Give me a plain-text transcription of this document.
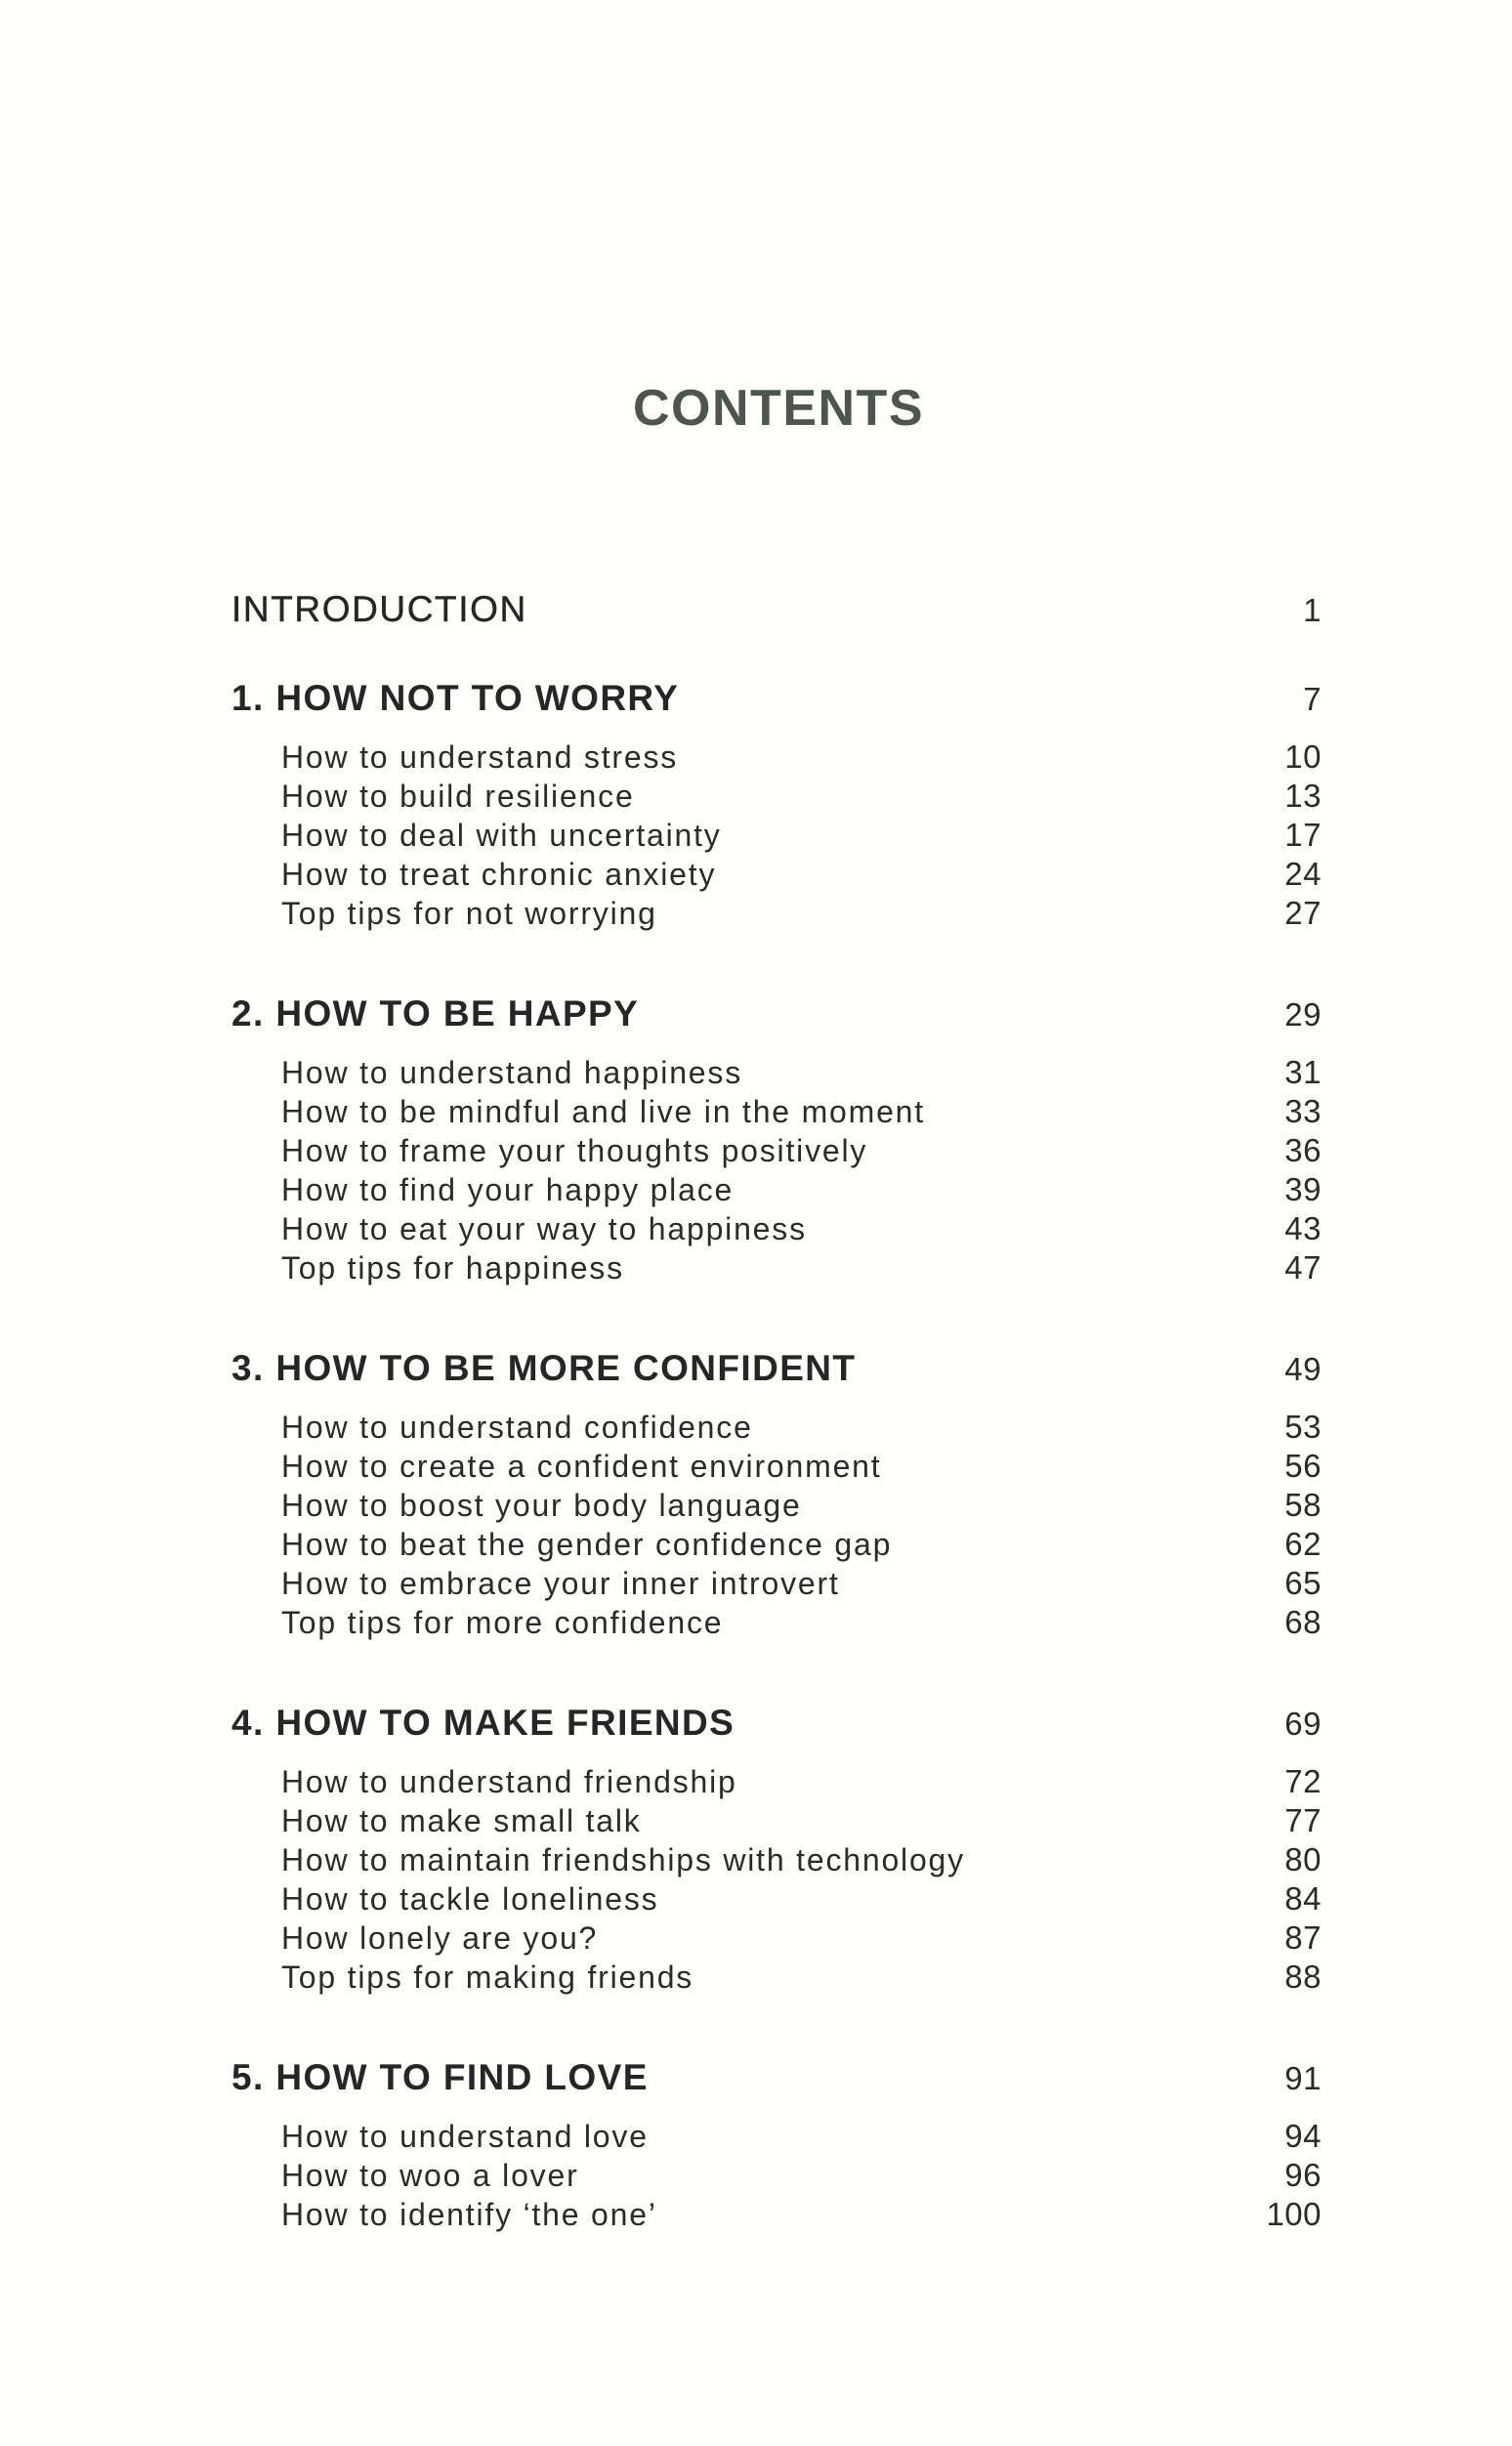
CONTENTS
INTRODUCTION	1
1. HOW NOT TO WORRY	7
How to understand stress	10
How to build resilience	13
How to deal with uncertainty	17
How to treat chronic anxiety	24
Top tips for not worrying	27
2. HOW TO BE HAPPY	29
How to understand happiness	31
How to be mindful and live in the moment	33
How to frame your thoughts positively	36
How to find your happy place	39
How to eat your way to happiness	43
Top tips for happiness	47
3. HOW TO BE MORE CONFIDENT	49
How to understand confidence	53
How to create a confident environment	56
How to boost your body language	58
How to beat the gender confidence gap	62
How to embrace your inner introvert	65
Top tips for more confidence	68
4. HOW TO MAKE FRIENDS	69
How to understand friendship	72
How to make small talk	77
How to maintain friendships with technology	80
How to tackle loneliness	84
How lonely are you?	87
Top tips for making friends	88
5. HOW TO FIND LOVE	91
How to understand love	94
How to woo a lover	96
How to identify ‘the one’	100
